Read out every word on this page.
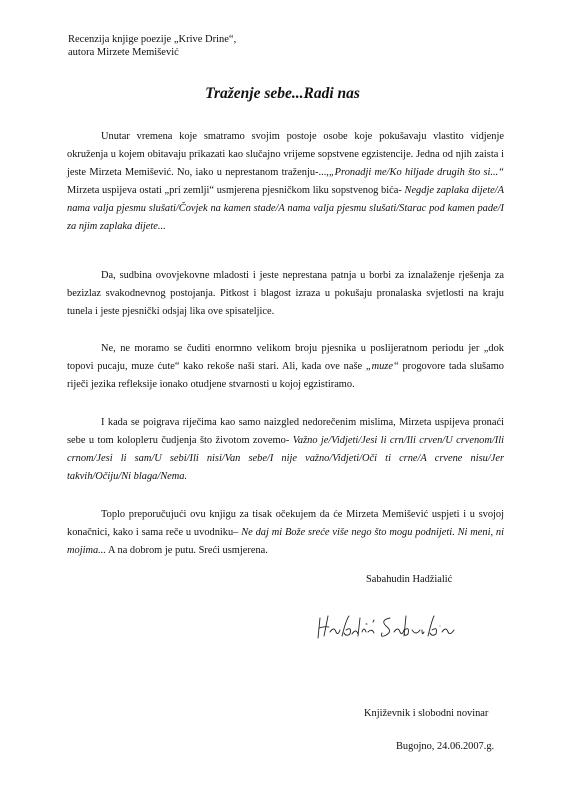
Recenzija knjige poezije „Krive Drine“,
autora Mirzete Memišević
Traženje sebe...Radi nas

Unutar vremena koje smatramo svojim postoje osobe koje pokušavaju vlastito vidjenje okruženja u kojem obitavaju prikazati kao slučajno vrijeme sopstvene egzistencije. Jedna od njih zaista i jeste Mirzeta Memišević. No, iako u neprestanom traženju-...,„Pronadji me/Ko hiljade drugih što si...“ Mirzeta uspijeva ostati „pri zemlji“ usmjerena pjesničkom liku sopstvenog bića- Negdje zaplaka dijete/A nama valja pjesmu slušati/Čovjek na kamen stade/A nama valja pjesmu slušati/Starac pod kamen pade/I za njim zaplaka dijete...

Da, sudbina ovovjekovne mladosti i jeste neprestana patnja u borbi za iznalaženje rješenja za bezizlaz svakodnevnog postojanja. Pitkost i blagost izraza u pokušaju pronalaska svjetlosti na kraju tunela i jeste pjesnički odsjaj lika ove spisateljice.

Ne, ne moramo se čuditi enormno velikom broju pjesnika u poslijeratnom periodu jer „dok topovi pucaju, muze ćute“ kako rekoše naši stari. Ali, kada ove naše „muze“ progovore tada slušamo riječi jezika refleksije ionako otudjene stvarnosti u kojoj egzistiramo.

I kada se poigrava riječima kao samo naizgled nedorečenim mislima, Mirzeta uspijeva pronaći sebe u tom koloplетu čudjenja što životom zovemo- Važno je/Vidjeti/Jesi li crn/Ili crven/U crvenom/Ili crnom/Jesi li sam/U sebi/Ili nisi/Van sebe/I nije važno/Vidjeti/Oči ti crne/A crvene nisu/Jer takvih/Očiju/Ni blaga/Nema.

Toplo preporučujući ovu knjigu za tisak očekujem da će Mirzeta Memišević uspjeti i u svojoj konačnici, kako i sama reče u uvodniku– Ne daj mi Bože sreće više nego što mogu podnijeti. Ni meni, ni mojima... A na dobrom je putu. Sreći usmjerena.

Sabahudin Hadžialić
Književnik i slobodni novinar
Bugojno, 24.06.2007.g.
